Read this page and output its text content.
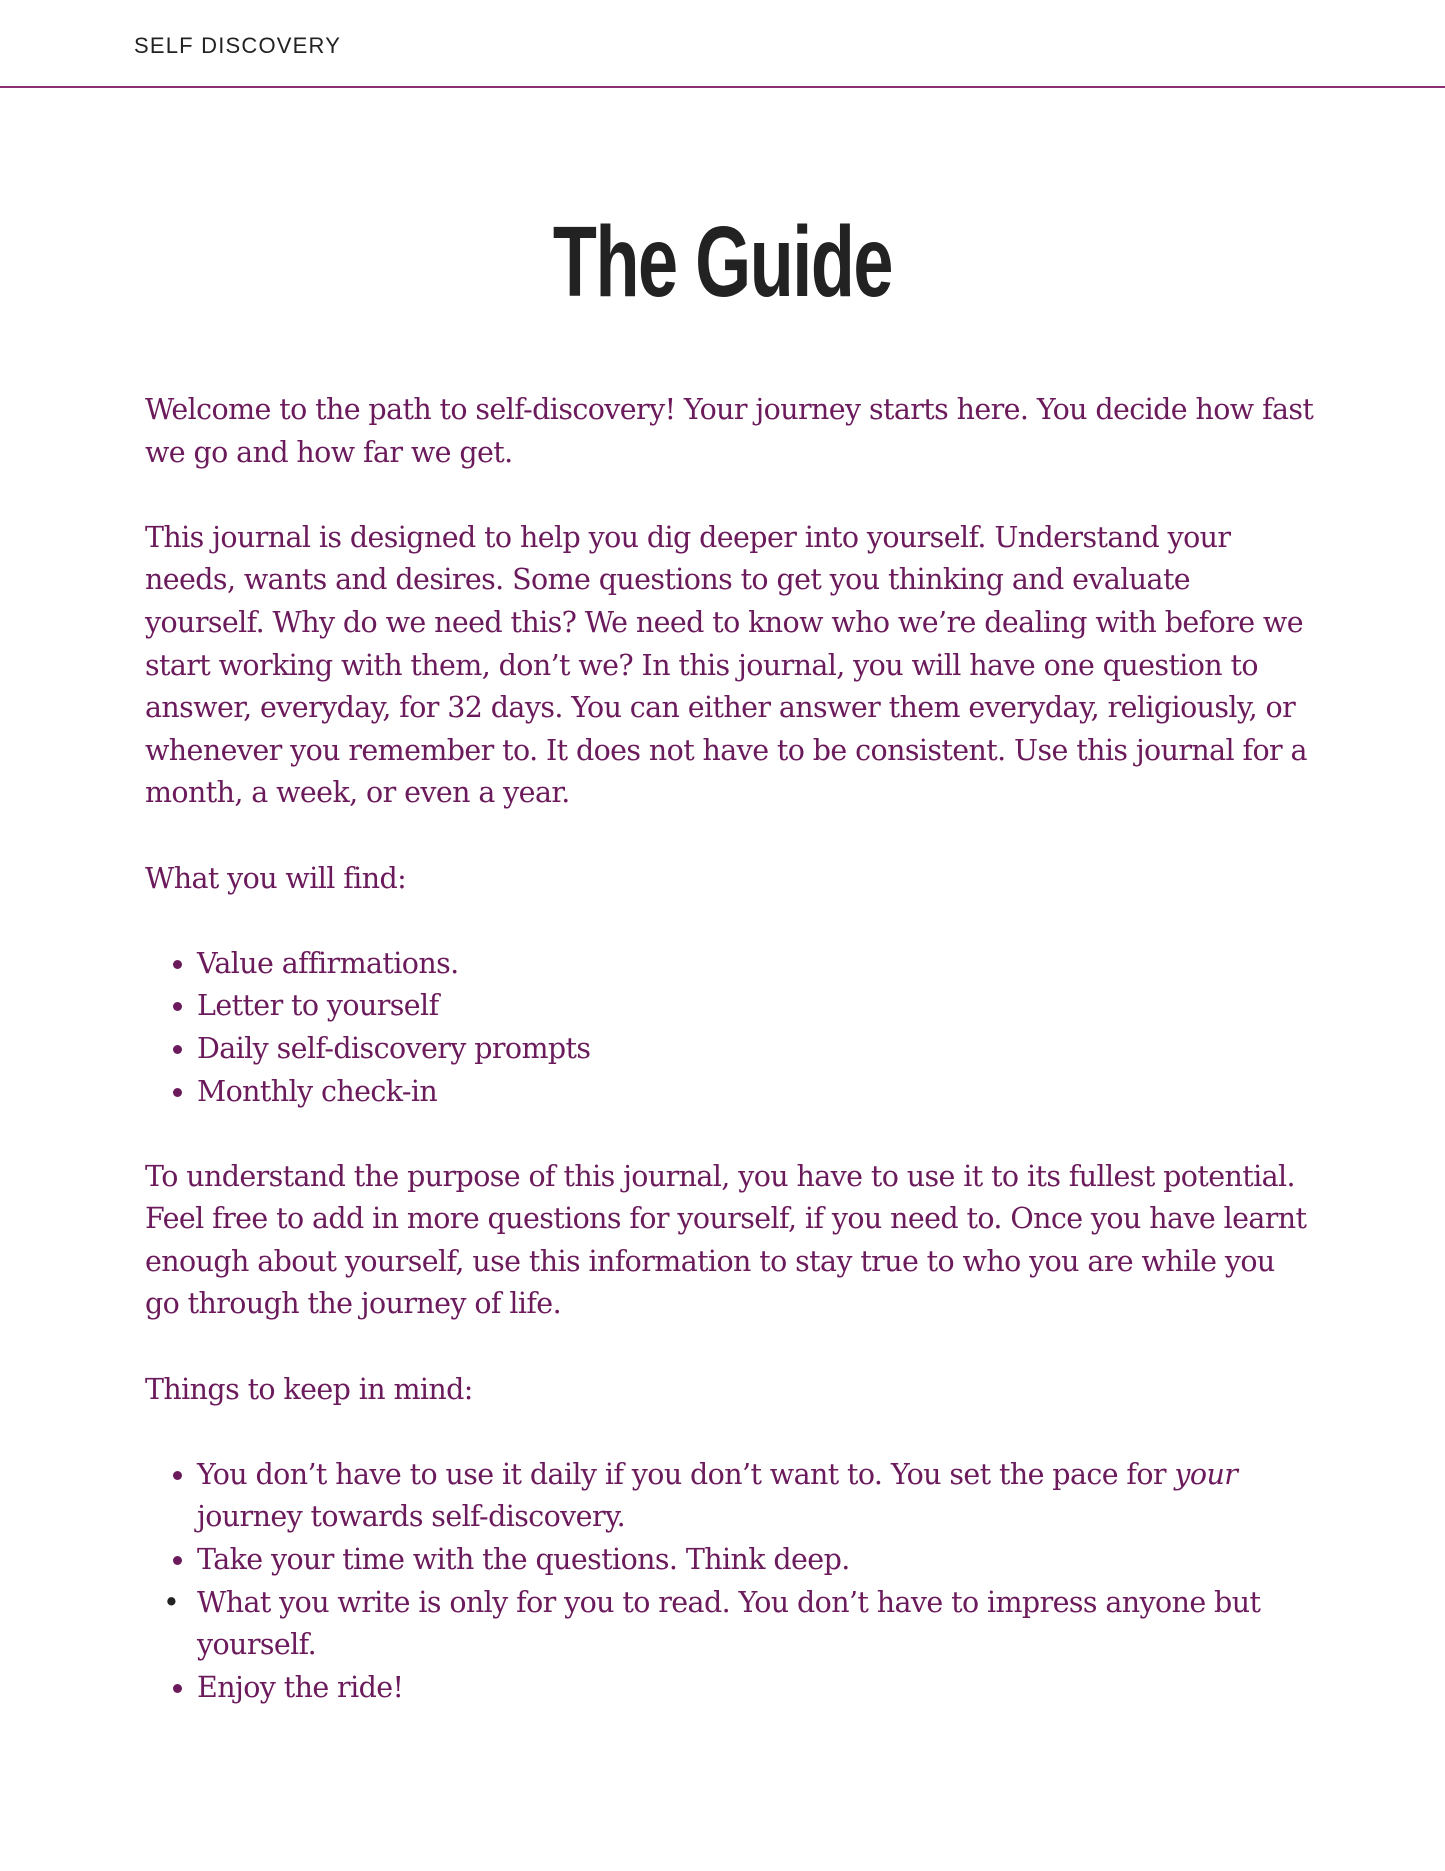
SELF DISCOVERY
The Guide

Welcome to the path to self-discovery! Your journey starts here. You decide how fast we go and how far we get.

This journal is designed to help you dig deeper into yourself. Understand your needs, wants and desires. Some questions to get you thinking and evaluate yourself. Why do we need this? We need to know who we’re dealing with before we start working with them, don’t we? In this journal, you will have one question to answer, everyday, for 32 days. You can either answer them everyday, religiously, or whenever you remember to. It does not have to be consistent. Use this journal for a month, a week, or even a year.

What you will find:

• Value affirmations.
• Letter to yourself
• Daily self-discovery prompts
• Monthly check-in

To understand the purpose of this journal, you have to use it to its fullest potential. Feel free to add in more questions for yourself, if you need to. Once you have learnt enough about yourself, use this information to stay true to who you are while you go through the journey of life.

Things to keep in mind:

• You don’t have to use it daily if you don’t want to. You set the pace for your journey towards self-discovery.
• Take your time with the questions. Think deep.
• What you write is only for you to read. You don’t have to impress anyone but yourself.
• Enjoy the ride!
